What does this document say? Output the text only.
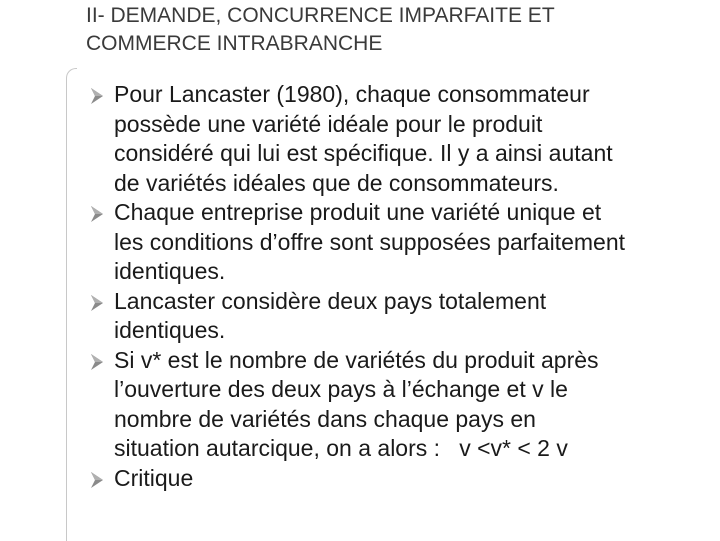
II- DEMANDE, CONCURRENCE IMPARFAITE ET
COMMERCE INTRABRANCHE
Pour Lancaster (1980), chaque consommateur
possède une variété idéale pour le produit
considéré qui lui est spécifique. Il y a ainsi autant
de variétés idéales que de consommateurs.
Chaque entreprise produit une variété unique et
les conditions d’offre sont supposées parfaitement
identiques.
Lancaster considère deux pays totalement
identiques.
Si v* est le nombre de variétés du produit après
l’ouverture des deux pays à l’échange et v le
nombre de variétés dans chaque pays en
situation autarcique, on a alors :   v <v* < 2 v
Critique
